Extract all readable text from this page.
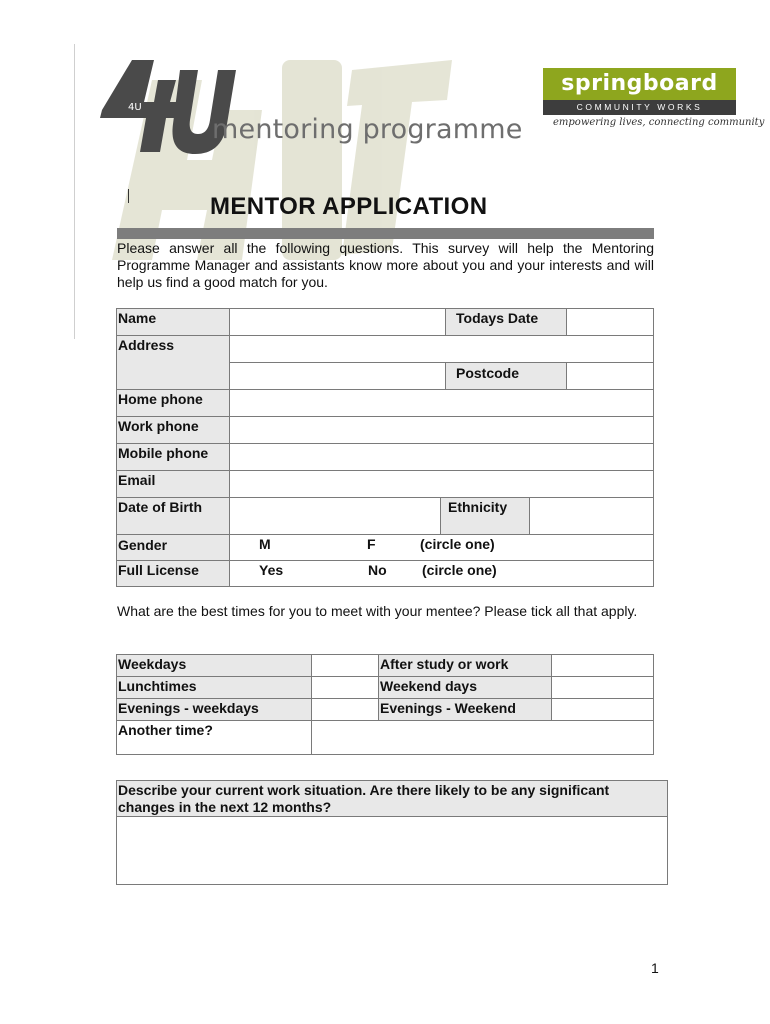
4U
mentoring programme
springboard
COMMUNITY WORKS
empowering lives, connecting community
MENTOR APPLICATION
Please answer all the following questions. This survey will help the Mentoring Programme Manager and assistants know more about you and your interests and will help us find a good match for you.
Name	Todays Date
Address
Postcode
Home phone
Work phone
Mobile phone
Email
Date of Birth	Ethnicity
Gender	M	F	(circle one)
Full License	Yes	No	(circle one)
What are the best times for you to meet with your mentee? Please tick all that apply.
Weekdays	After study or work
Lunchtimes	Weekend days
Evenings - weekdays	Evenings - Weekend
Another time?
Describe your current work situation. Are there likely to be any significant changes in the next 12 months?
1
